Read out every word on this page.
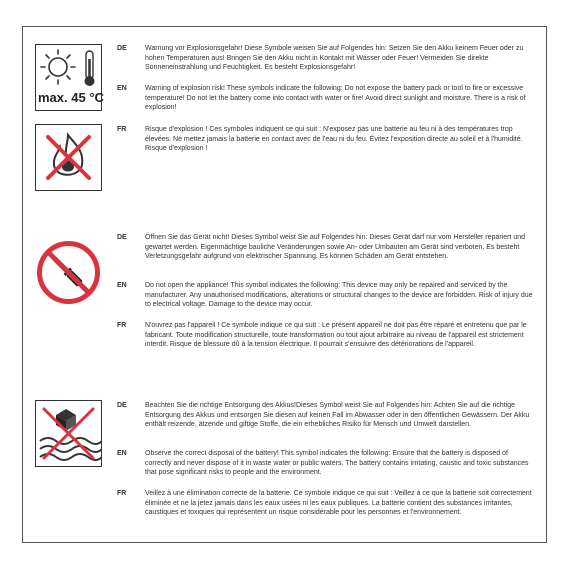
max. 45 °C
DE	Warnung vor Explosionsgefahr! Diese Symbole weisen Sie auf Folgendes hin: Setzen Sie den Akku keinem Feuer oder zu hohen Temperaturen aus! Bringen Sie den Akku nicht in Kontakt mit Wasser oder Feuer! Vermeiden Sie direkte Sonneneinstrahlung und Feuchtigkeit. Es besteht Explosionsgefahr!
EN	Warning of explosion risk! These symbols indicate the following: Do not expose the battery pack or tool to fire or excessive temperature! Do not let the battery come into contact with water or fire! Avoid direct sunlight and moisture. There is a risk of explosion!
FR	Risque d'explosion ! Ces symboles indiquent ce qui suit : N'exposez pas une batterie au feu ni à des températures trop élevées. Ne mettez jamais la batterie en contact avec de l'eau ni du feu. Évitez l'exposition directe au soleil et à l'humidité. Risque d'explosion !
DE	Öffnen Sie das Gerät nicht! Dieses Symbol weist Sie auf Folgendes hin: Dieses Gerät darf nur vom Hersteller repariert und gewartet werden. Eigenmächtige bauliche Veränderungen sowie An- oder Umbauten am Gerät sind verboten. Es besteht Verletzungsgefahr aufgrund von elektrischer Spannung. Es können Schäden am Gerät entstehen.
EN	Do not open the appliance! This symbol indicates the following: This device may only be repaired and serviced by the manufacturer. Any unauthorised modifications, alterations or structural changes to the device are forbidden. Risk of injury due to electrical voltage. Damage to the device may occur.
FR	N'ouvrez pas l'appareil ! Ce symbole indique ce qui suit : Le présent appareil ne doit pas être réparé et entretenu que par le fabricant. Toute modification structurelle, toute transformation ou tout ajout arbitraire au niveau de l'appareil est strictement interdit. Risque de blessure dû à la tension électrique. Il pourrait s'ensuivre des détériorations de l'appareil.
DE	Beachten Sie die richtige Entsorgung des Akkus!Dieses Symbol weist Sie auf Folgendes hin: Achten Sie auf die richtige Entsorgung des Akkus und entsorgen Sie diesen auf keinen Fall im Abwasser oder in den öffentlichen Gewässern. Der Akku enthält reizende, ätzende und giftige Stoffe, die ein erhebliches Risiko für Mensch und Umwelt darstellen.
EN	Observe the correct disposal of the battery! This symbol indicates the following: Ensure that the battery is disposed of correctly and never dispose of it in waste water or public waters. The battery contains irritating, caustic and toxic substances that pose significant risks to people and the environment.
FR	Veillez à une élimination correcte de la batterie. Ce symbole indique ce qui suit : Veillez à ce que la batterie soit correctement éliminée et ne la jetez jamais dans les eaux usées ni les eaux publiques. La batterie contient des substances irritantes, caustiques et toxiques qui représentent un risque considérable pour les personnes et l'environnement.
